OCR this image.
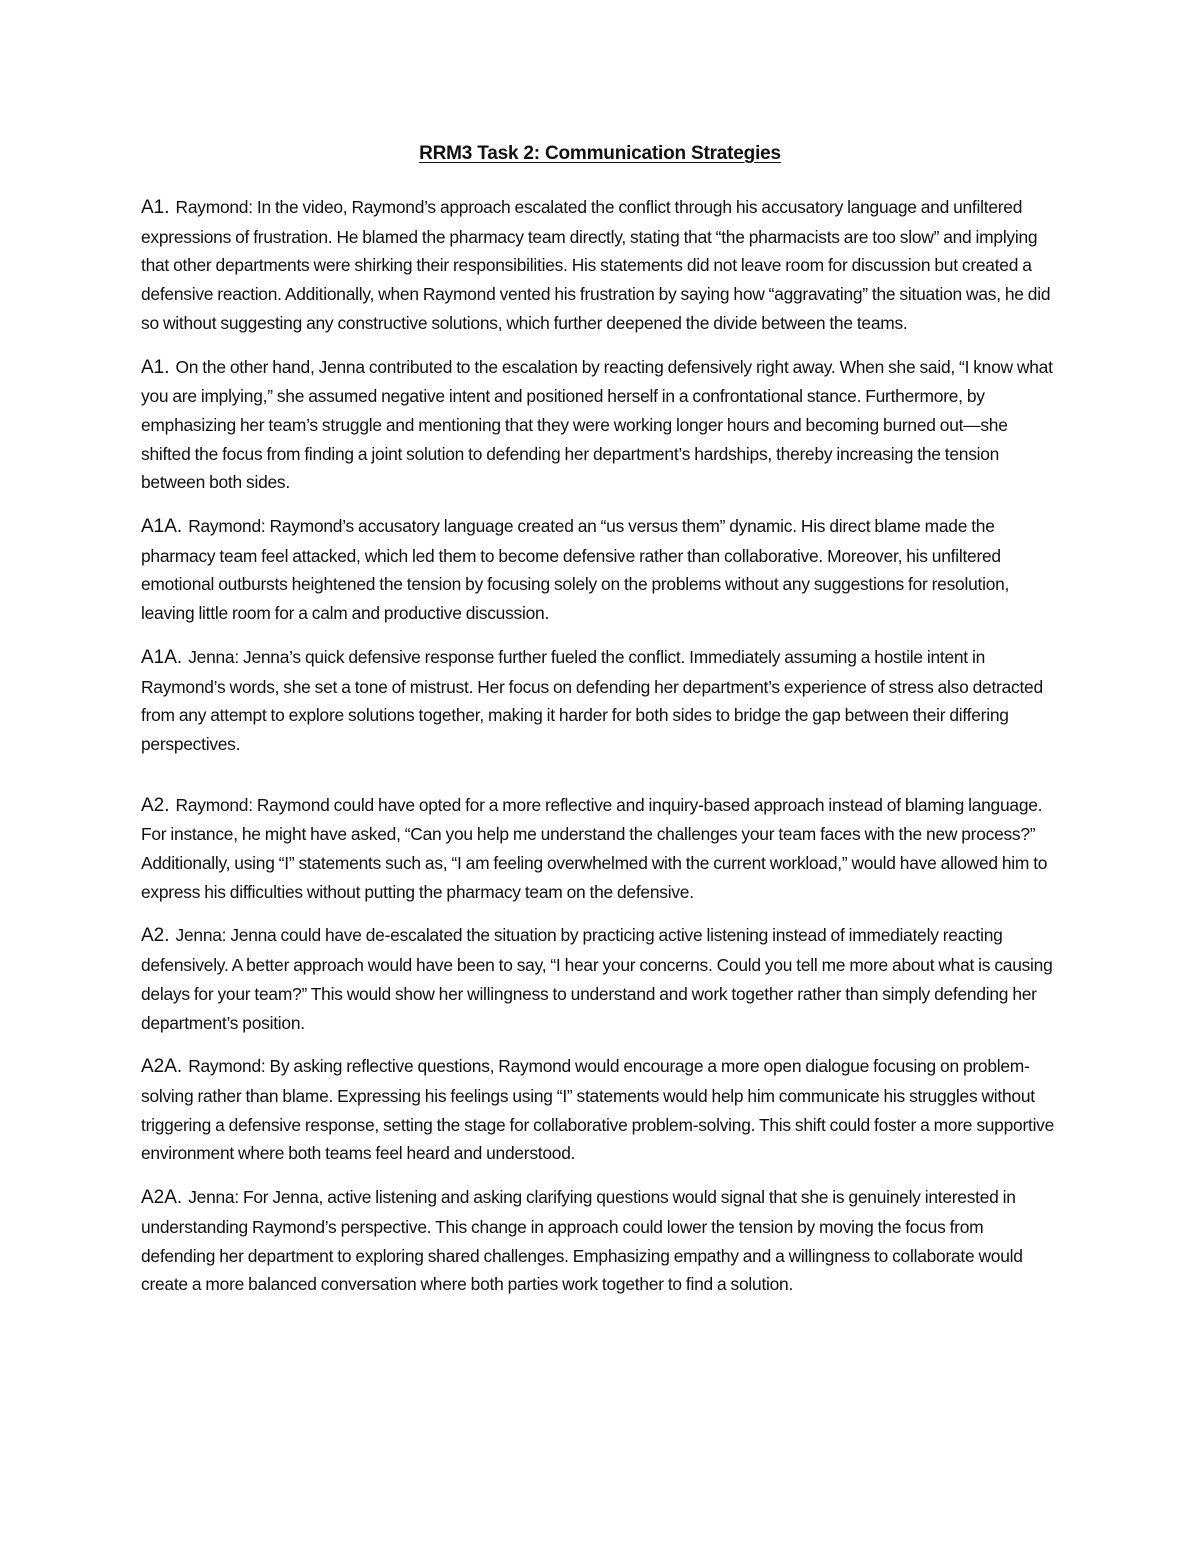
RRM3 Task 2: Communication Strategies

A1. Raymond: In the video, Raymond’s approach escalated the conflict through his accusatory language and unfiltered expressions of frustration. He blamed the pharmacy team directly, stating that “the pharmacists are too slow” and implying that other departments were shirking their responsibilities. His statements did not leave room for discussion but created a defensive reaction. Additionally, when Raymond vented his frustration by saying how “aggravating” the situation was, he did so without suggesting any constructive solutions, which further deepened the divide between the teams.

A1. On the other hand, Jenna contributed to the escalation by reacting defensively right away. When she said, “I know what you are implying,” she assumed negative intent and positioned herself in a confrontational stance. Furthermore, by emphasizing her team’s struggle and mentioning that they were working longer hours and becoming burned out—she shifted the focus from finding a joint solution to defending her department’s hardships, thereby increasing the tension between both sides.

A1A. Raymond: Raymond’s accusatory language created an “us versus them” dynamic. His direct blame made the pharmacy team feel attacked, which led them to become defensive rather than collaborative. Moreover, his unfiltered emotional outbursts heightened the tension by focusing solely on the problems without any suggestions for resolution, leaving little room for a calm and productive discussion.

A1A. Jenna: Jenna’s quick defensive response further fueled the conflict. Immediately assuming a hostile intent in Raymond’s words, she set a tone of mistrust. Her focus on defending her department’s experience of stress also detracted from any attempt to explore solutions together, making it harder for both sides to bridge the gap between their differing perspectives.

A2. Raymond: Raymond could have opted for a more reflective and inquiry-based approach instead of blaming language. For instance, he might have asked, “Can you help me understand the challenges your team faces with the new process?” Additionally, using “I” statements such as, “I am feeling overwhelmed with the current workload,” would have allowed him to express his difficulties without putting the pharmacy team on the defensive.

A2. Jenna: Jenna could have de-escalated the situation by practicing active listening instead of immediately reacting defensively. A better approach would have been to say, “I hear your concerns. Could you tell me more about what is causing delays for your team?” This would show her willingness to understand and work together rather than simply defending her department’s position.

A2A. Raymond: By asking reflective questions, Raymond would encourage a more open dialogue focusing on problem-solving rather than blame. Expressing his feelings using “I” statements would help him communicate his struggles without triggering a defensive response, setting the stage for collaborative problem-solving. This shift could foster a more supportive environment where both teams feel heard and understood.

A2A. Jenna: For Jenna, active listening and asking clarifying questions would signal that she is genuinely interested in understanding Raymond’s perspective. This change in approach could lower the tension by moving the focus from defending her department to exploring shared challenges. Emphasizing empathy and a willingness to collaborate would create a more balanced conversation where both parties work together to find a solution.
